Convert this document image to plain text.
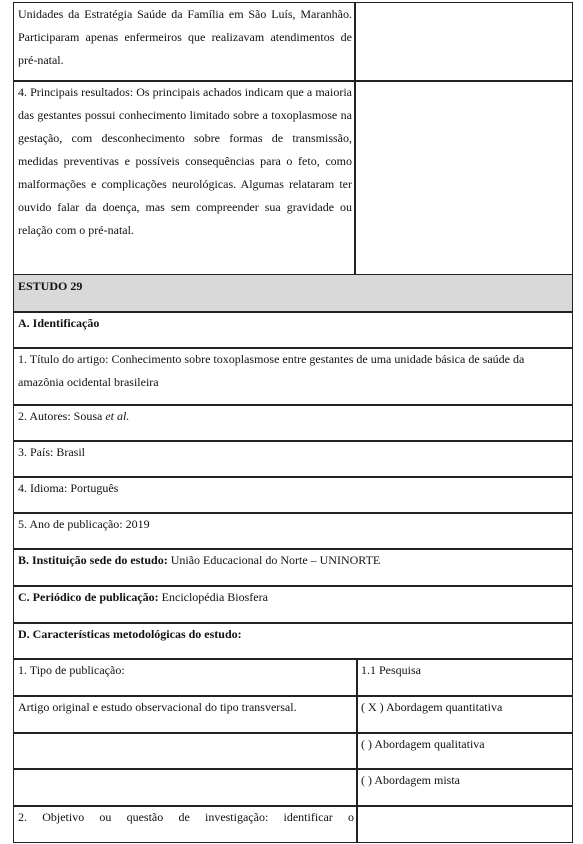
Unidades da Estratégia Saúde da Família em São Luís, Maranhão. Participaram apenas enfermeiros que realizavam atendimentos de pré-natal.
4. Principais resultados: Os principais achados indicam que a maioria das gestantes possui conhecimento limitado sobre a toxoplasmose na gestação, com desconhecimento sobre formas de transmissão, medidas preventivas e possíveis consequências para o feto, como malformações e complicações neurológicas. Algumas relataram ter ouvido falar da doença, mas sem compreender sua gravidade ou relação com o pré-natal.
ESTUDO 29
A. Identificação
1. Título do artigo: Conhecimento sobre toxoplasmose entre gestantes de uma unidade básica de saúde da amazônia ocidental brasileira
2. Autores: Sousa et al.
3. País: Brasil
4. Idioma: Português
5. Ano de publicação: 2019
B. Instituição sede do estudo: União Educacional do Norte – UNINORTE
C. Periódico de publicação: Enciclopédia Biosfera
D. Características metodológicas do estudo:
1. Tipo de publicação:	1.1 Pesquisa
Artigo original e estudo observacional do tipo transversal.	( X ) Abordagem quantitativa
( ) Abordagem qualitativa
( ) Abordagem mista
2. Objetivo ou questão de investigação: identificar o
